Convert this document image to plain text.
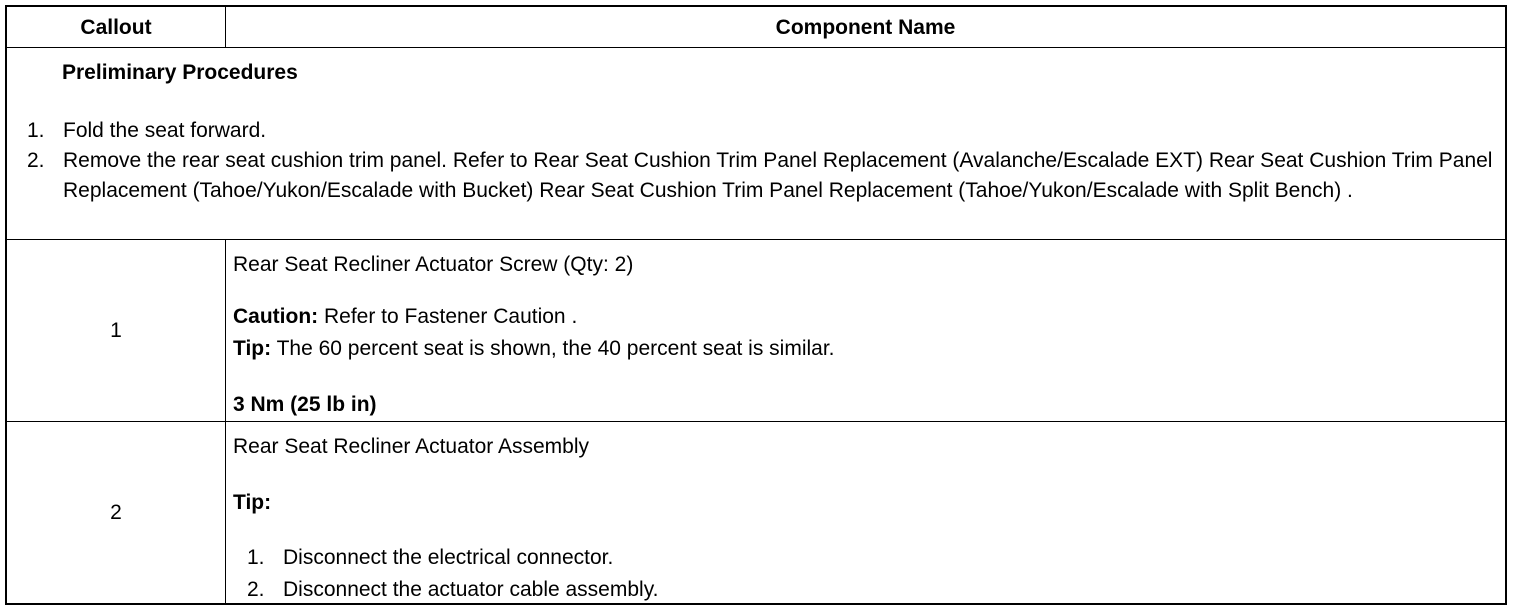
Callout	Component Name
Preliminary Procedures
1. Fold the seat forward.
2. Remove the rear seat cushion trim panel. Refer to Rear Seat Cushion Trim Panel Replacement (Avalanche/Escalade EXT) Rear Seat Cushion Trim Panel Replacement (Tahoe/Yukon/Escalade with Bucket) Rear Seat Cushion Trim Panel Replacement (Tahoe/Yukon/Escalade with Split Bench) .
1
Rear Seat Recliner Actuator Screw (Qty: 2)
Caution: Refer to Fastener Caution .
Tip: The 60 percent seat is shown, the 40 percent seat is similar.
3 Nm (25 lb in)
2
Rear Seat Recliner Actuator Assembly
Tip:
1. Disconnect the electrical connector.
2. Disconnect the actuator cable assembly.
